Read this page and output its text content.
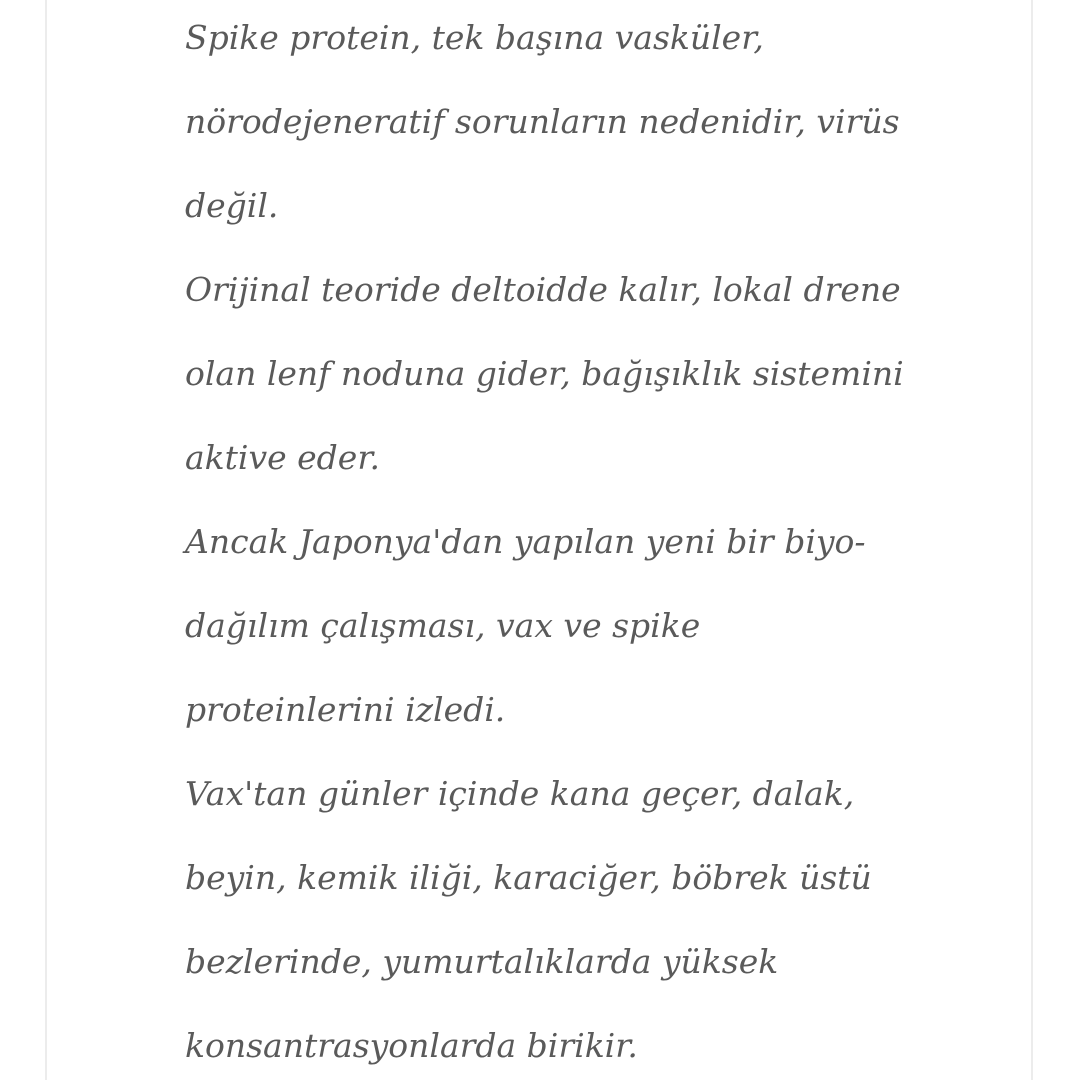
Spike protein, tek başına vasküler,
nörodejeneratif sorunların nedenidir, virüs
değil.
Orijinal teoride deltoidde kalır, lokal drene
olan lenf noduna gider, bağışıklık sistemini
aktive eder.
Ancak Japonya'dan yapılan yeni bir biyo-
dağılım çalışması, vax ve spike
proteinlerini izledi.
Vax'tan günler içinde kana geçer, dalak,
beyin, kemik iliği, karaciğer, böbrek üstü
bezlerinde, yumurtalıklarda yüksek
konsantrasyonlarda birikir.
